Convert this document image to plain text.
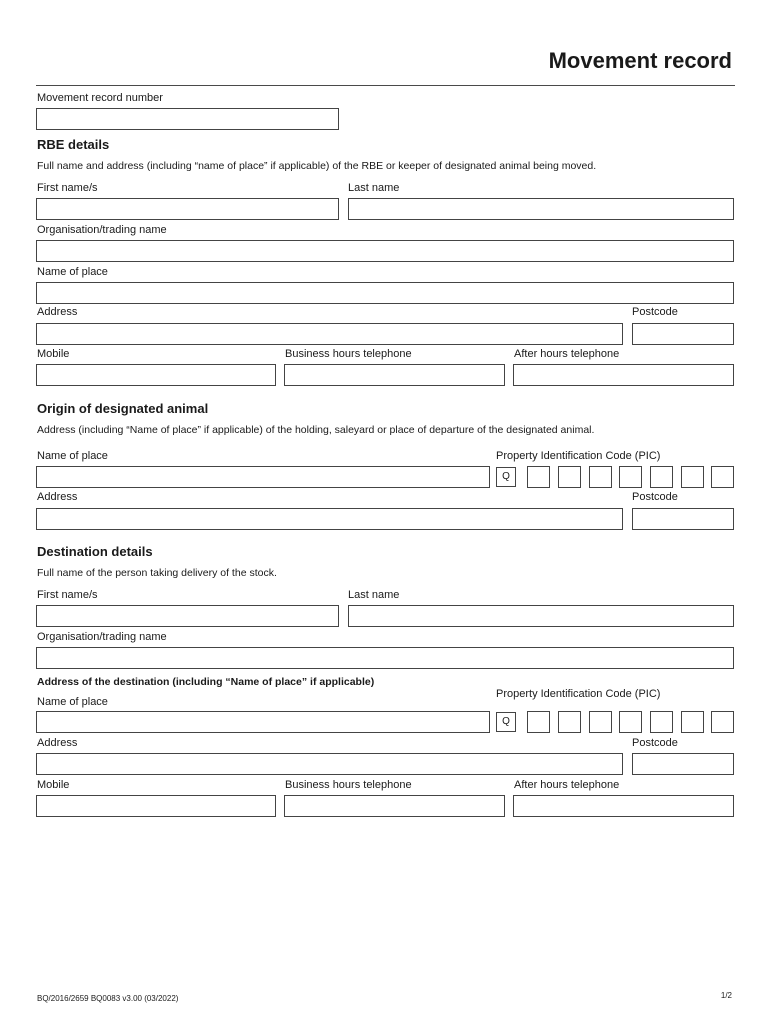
Movement record
Movement record number
RBE details
Full name and address (including “name of place” if applicable) of the RBE or keeper of designated animal being moved.
First name/s	Last name
Organisation/trading name
Name of place
Address	Postcode
Mobile	Business hours telephone	After hours telephone
Origin of designated animal
Address (including “Name of place” if applicable) of the holding, saleyard or place of departure of the designated animal.
Name of place	Property Identification Code (PIC)
Q
Address	Postcode
Destination details
Full name of the person taking delivery of the stock.
First name/s	Last name
Organisation/trading name
Address of the destination (including “Name of place” if applicable)
Name of place
Property Identification Code (PIC)
Q
Address	Postcode
Mobile	Business hours telephone	After hours telephone
BQ/2016/2659 BQ0083 v3.00 (03/2022)	1/2
